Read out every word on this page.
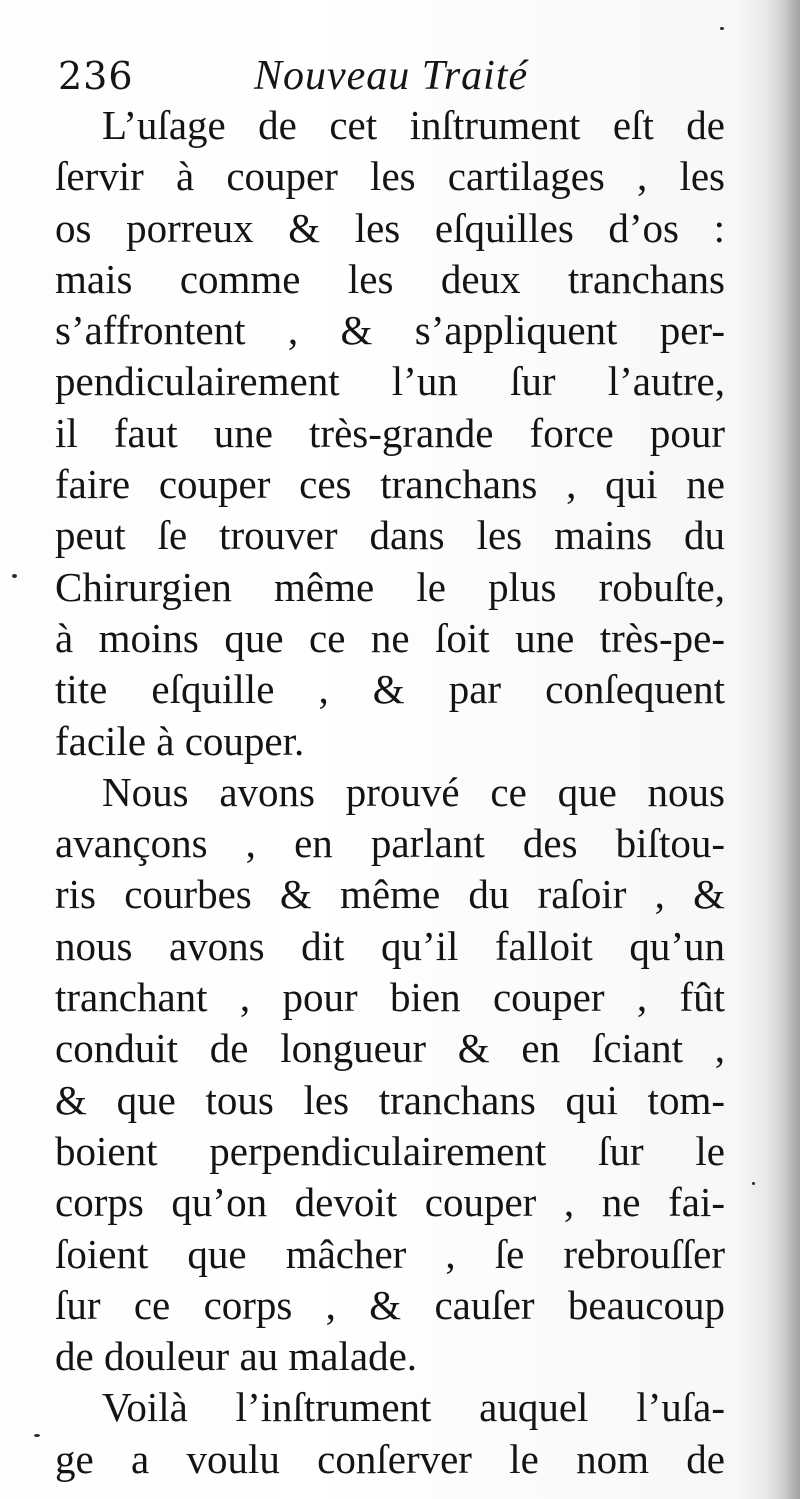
236	Nouveau Traité
L’uſage de cet inſtrument eſt de
ſervir à couper les cartilages , les
os porreux & les eſquilles d’os :
mais comme les deux tranchans
s’affrontent , & s’appliquent per-
pendiculairement l’un ſur l’autre,
il faut une très-grande force pour
faire couper ces tranchans , qui ne
peut ſe trouver dans les mains du
Chirurgien même le plus robuſte,
à moins que ce ne ſoit une très-pe-
tite eſquille , & par conſequent
facile à couper.
Nous avons prouvé ce que nous
avançons , en parlant des biſtou-
ris courbes & même du raſoir , &
nous avons dit qu’il falloit qu’un
tranchant , pour bien couper , fût
conduit de longueur & en ſciant ,
& que tous les tranchans qui tom-
boient perpendiculairement ſur le
corps qu’on devoit couper , ne fai-
ſoient que mâcher , ſe rebrouſſer
ſur ce corps , & cauſer beaucoup
de douleur au malade.
Voilà l’inſtrument auquel l’uſa-
ge a voulu conſerver le nom de
